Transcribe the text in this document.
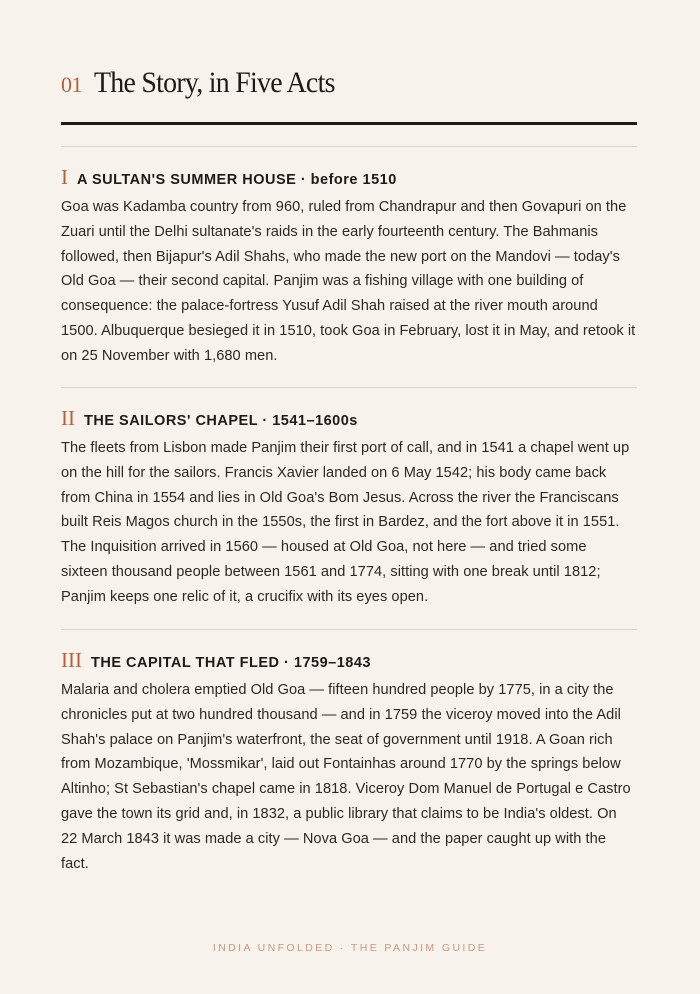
01 The Story, in Five Acts
I A SULTAN'S SUMMER HOUSE · before 1510

Goa was Kadamba country from 960, ruled from Chandrapur and then Govapuri on the Zuari until the Delhi sultanate's raids in the early fourteenth century. The Bahmanis followed, then Bijapur's Adil Shahs, who made the new port on the Mandovi — today's Old Goa — their second capital. Panjim was a fishing village with one building of consequence: the palace-fortress Yusuf Adil Shah raised at the river mouth around 1500. Albuquerque besieged it in 1510, took Goa in February, lost it in May, and retook it on 25 November with 1,680 men.

II THE SAILORS' CHAPEL · 1541–1600s

The fleets from Lisbon made Panjim their first port of call, and in 1541 a chapel went up on the hill for the sailors. Francis Xavier landed on 6 May 1542; his body came back from China in 1554 and lies in Old Goa's Bom Jesus. Across the river the Franciscans built Reis Magos church in the 1550s, the first in Bardez, and the fort above it in 1551. The Inquisition arrived in 1560 — housed at Old Goa, not here — and tried some sixteen thousand people between 1561 and 1774, sitting with one break until 1812; Panjim keeps one relic of it, a crucifix with its eyes open.

III THE CAPITAL THAT FLED · 1759–1843

Malaria and cholera emptied Old Goa — fifteen hundred people by 1775, in a city the chronicles put at two hundred thousand — and in 1759 the viceroy moved into the Adil Shah's palace on Panjim's waterfront, the seat of government until 1918. A Goan rich from Mozambique, 'Mossmikar', laid out Fontainhas around 1770 by the springs below Altinho; St Sebastian's chapel came in 1818. Viceroy Dom Manuel de Portugal e Castro gave the town its grid and, in 1832, a public library that claims to be India's oldest. On 22 March 1843 it was made a city — Nova Goa — and the paper caught up with the fact.

INDIA UNFOLDED · THE PANJIM GUIDE
